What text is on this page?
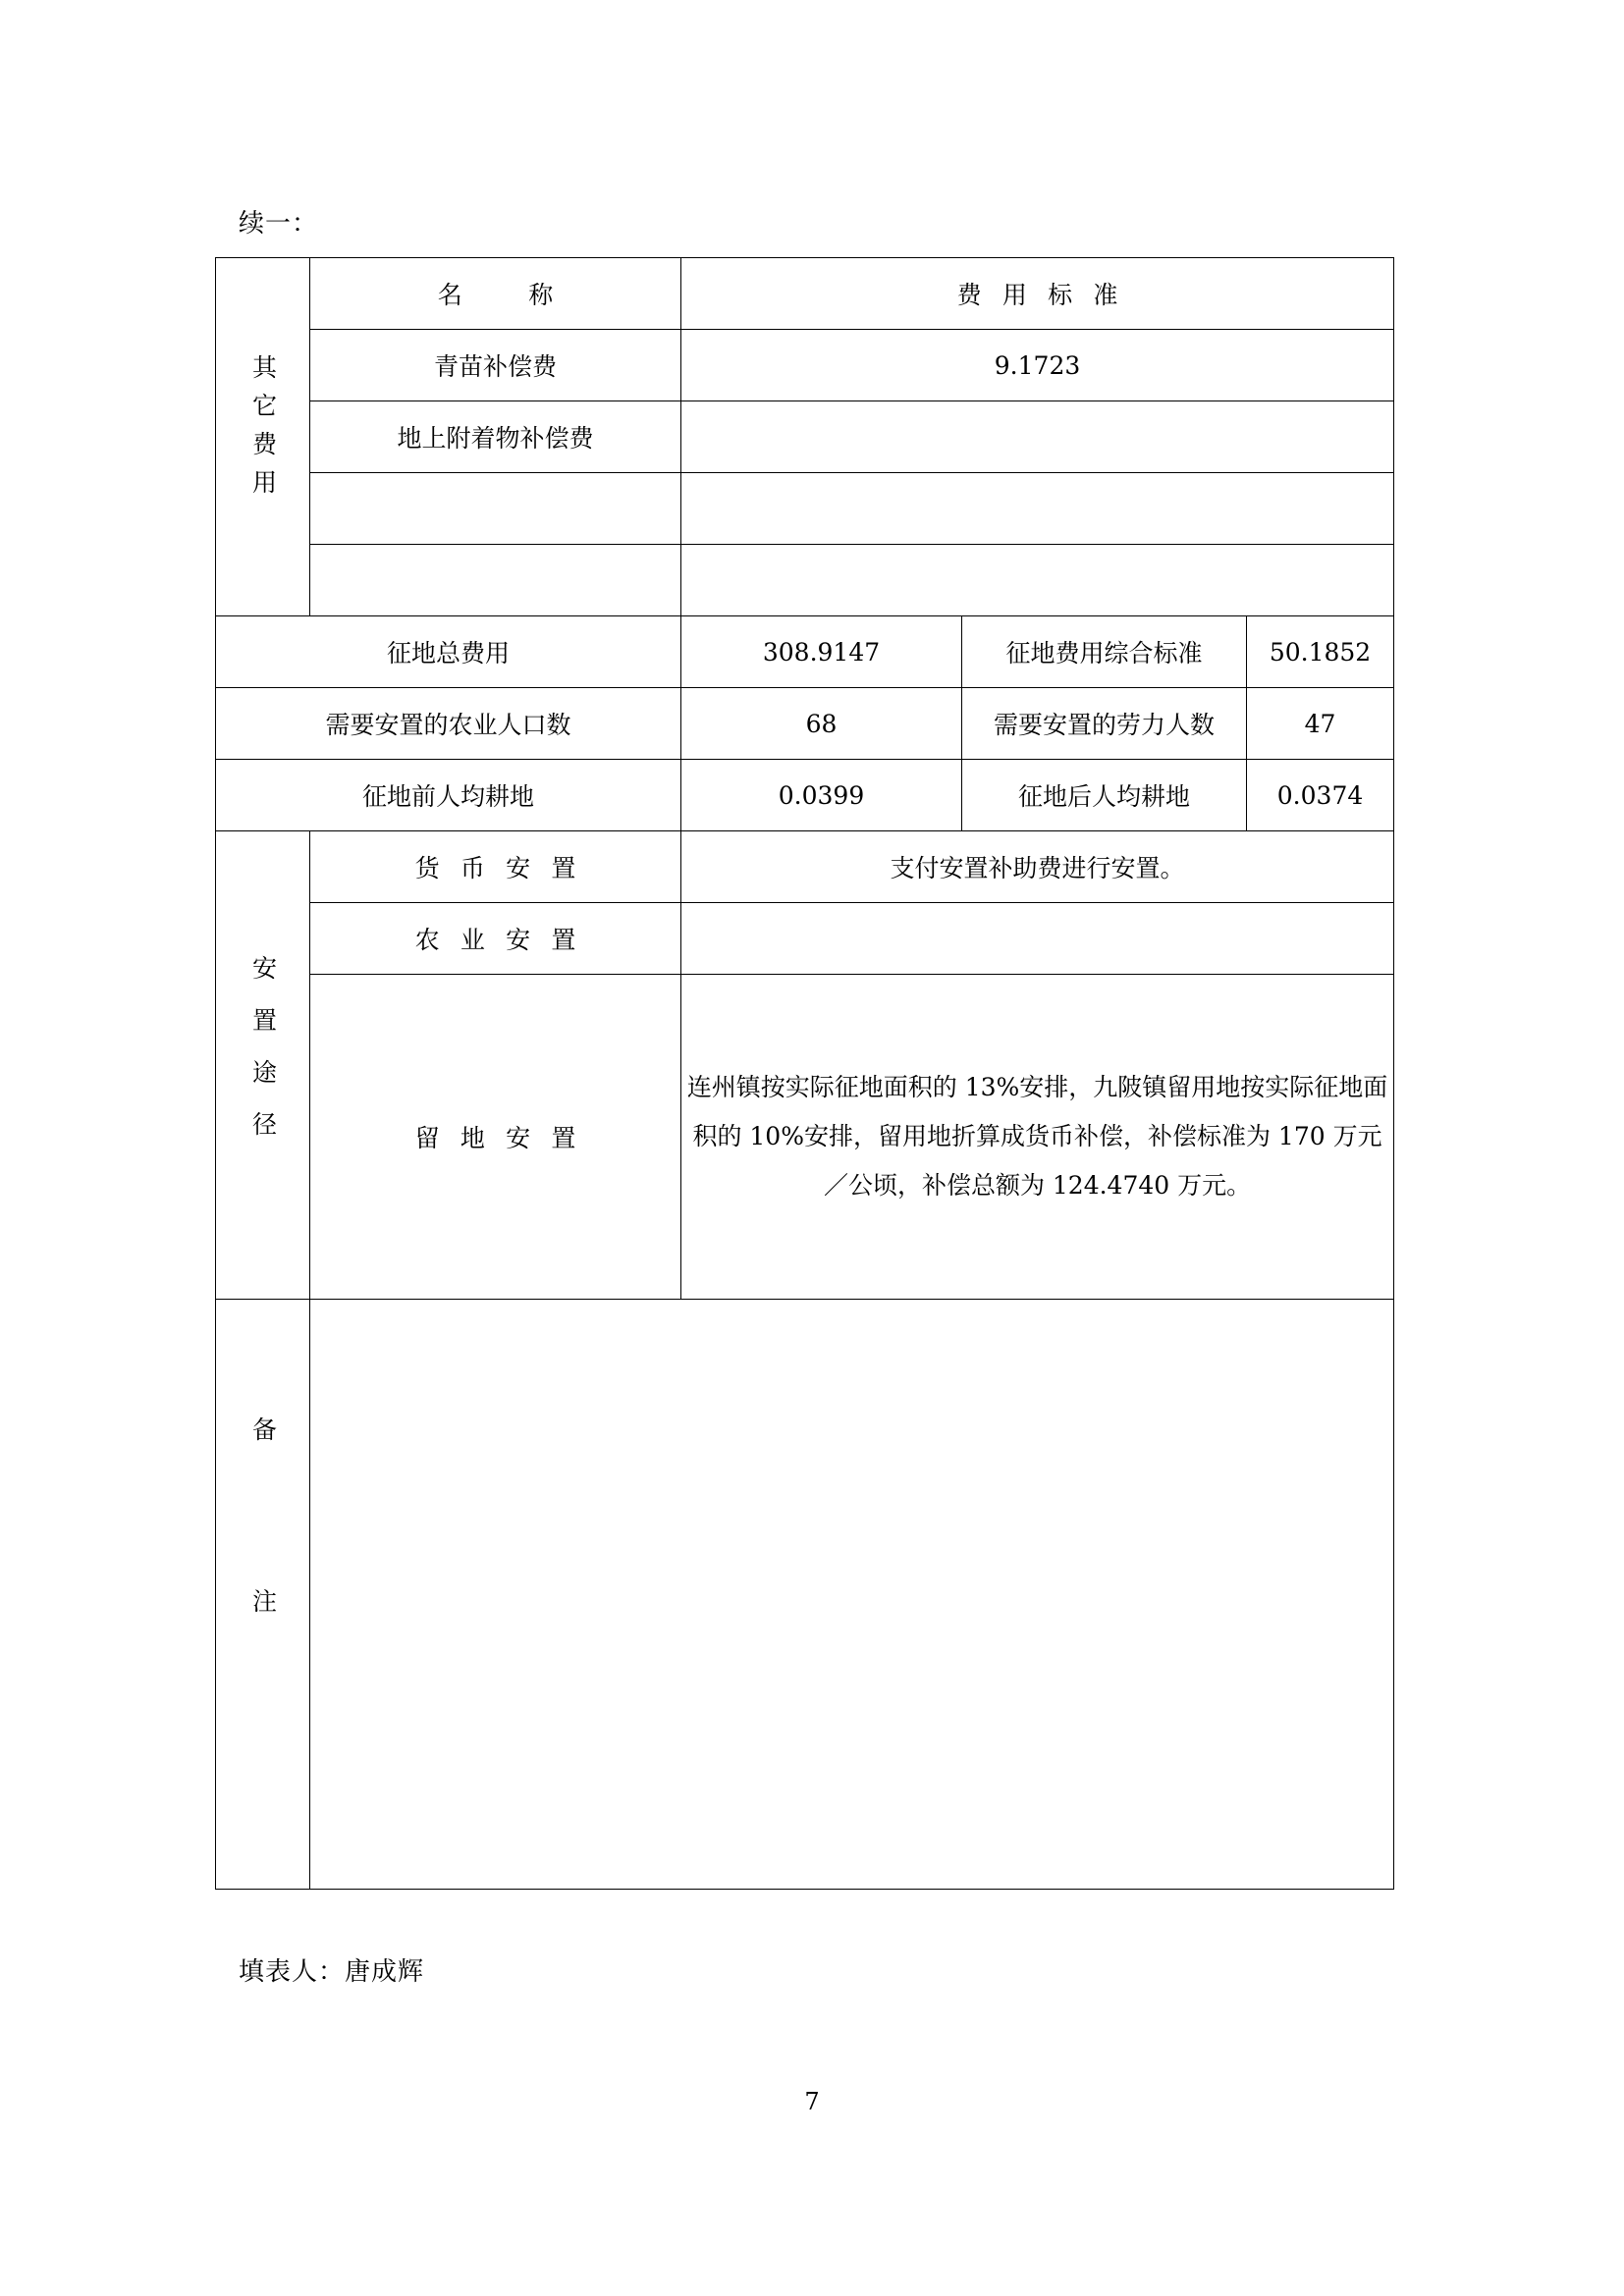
续一：
其它费用	名　称	费用标准		
	青苗补偿费	9.1723		
	地上附着物补偿费			

征地总费用		308.9147	征地费用综合标准	50.1852
需要安置的农业人口数		68	需要安置的劳力人数	47
征地前人均耕地		0.0399	征地后人均耕地	0.0374
安置途径	货币安置	支付安置补助费进行安置。		
	农业安置			
	留地安置	连州镇按实际征地面积的 13%安排，九陂镇留用地按实际征地面积的 10%安排，留用地折算成货币补偿，补偿标准为 170 万元／公顷，补偿总额为 124.4740 万元。		
备注				
填表人：唐成辉
7
